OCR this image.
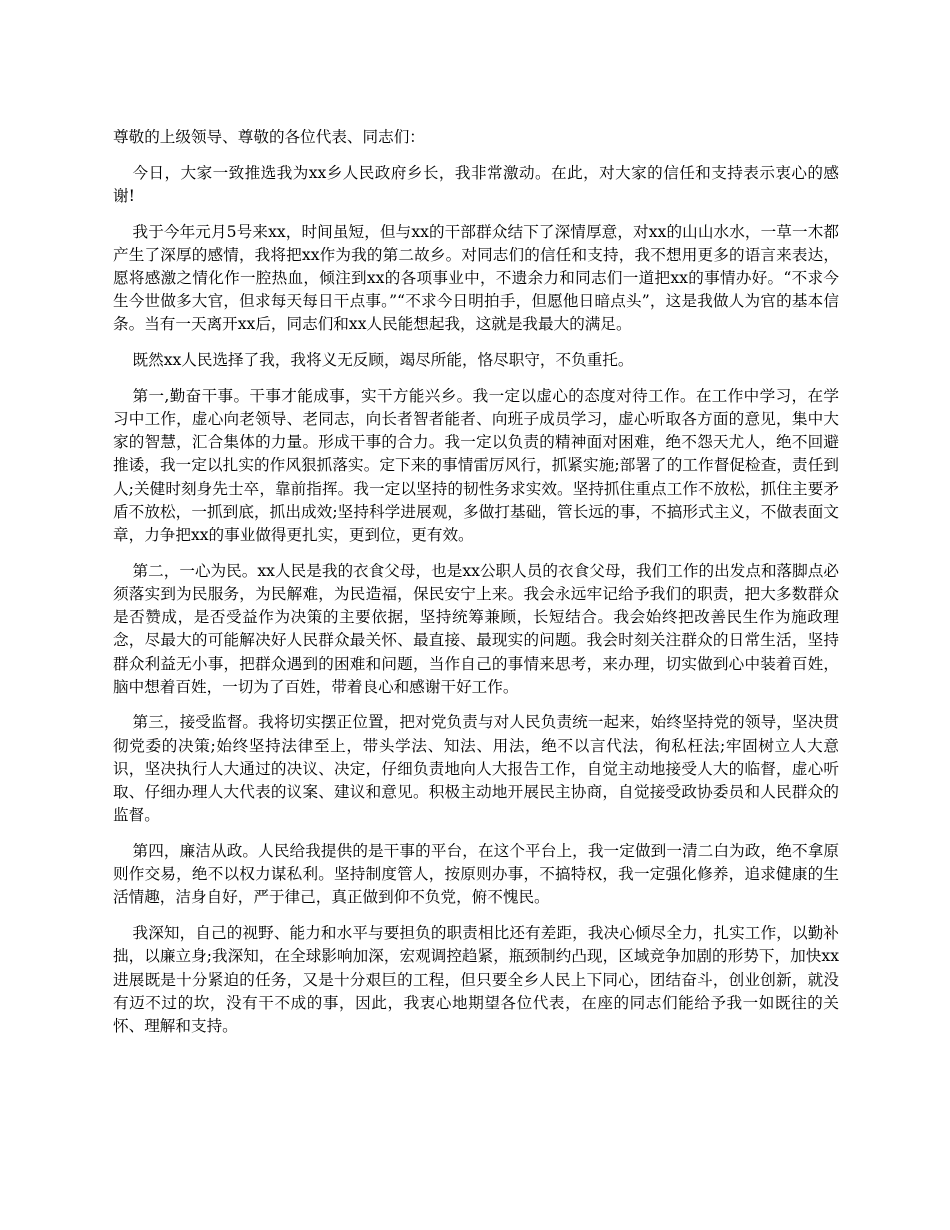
尊敬的上级领导、尊敬的各位代表、同志们：

今日，大家一致推选我为xx乡人民政府乡长，我非常激动。在此，对大家的信任和支持表示衷心的感谢!

我于今年元月5号来xx，时间虽短，但与xx的干部群众结下了深情厚意，对xx的山山水水，一草一木都产生了深厚的感情，我将把xx作为我的第二故乡。对同志们的信任和支持，我不想用更多的语言来表达，愿将感激之情化作一腔热血，倾注到xx的各项事业中，不遗余力和同志们一道把xx的事情办好。“不求今生今世做多大官，但求每天每日干点事。”“不求今日明拍手，但愿他日暗点头”，这是我做人为官的基本信条。当有一天离开xx后，同志们和xx人民能想起我，这就是我最大的满足。

既然xx人民选择了我，我将义无反顾，竭尽所能，恪尽职守，不负重托。

第一,勤奋干事。干事才能成事，实干方能兴乡。我一定以虚心的态度对待工作。在工作中学习，在学习中工作，虚心向老领导、老同志，向长者智者能者、向班子成员学习，虚心听取各方面的意见，集中大家的智慧，汇合集体的力量。形成干事的合力。我一定以负责的精神面对困难，绝不怨天尤人，绝不回避推诿，我一定以扎实的作风狠抓落实。定下来的事情雷厉风行，抓紧实施;部署了的工作督促检查，责任到人;关健时刻身先士卒，靠前指挥。我一定以坚持的韧性务求实效。坚持抓住重点工作不放松，抓住主要矛盾不放松，一抓到底，抓出成效;坚持科学进展观，多做打基础，管长远的事，不搞形式主义，不做表面文章，力争把xx的事业做得更扎实，更到位，更有效。

第二，一心为民。xx人民是我的衣食父母，也是xx公职人员的衣食父母，我们工作的出发点和落脚点必须落实到为民服务，为民解难，为民造福，保民安宁上来。我会永远牢记给予我们的职责，把大多数群众是否赞成，是否受益作为决策的主要依据，坚持统筹兼顾，长短结合。我会始终把改善民生作为施政理念，尽最大的可能解决好人民群众最关怀、最直接、最现实的问题。我会时刻关注群众的日常生活，坚持群众利益无小事，把群众遇到的困难和问题，当作自己的事情来思考，来办理，切实做到心中装着百姓，脑中想着百姓，一切为了百姓，带着良心和感谢干好工作。

第三，接受监督。我将切实摆正位置，把对党负责与对人民负责统一起来，始终坚持党的领导，坚决贯彻党委的决策;始终坚持法律至上，带头学法、知法、用法，绝不以言代法，徇私枉法;牢固树立人大意识，坚决执行人大通过的决议、决定，仔细负责地向人大报告工作，自觉主动地接受人大的临督，虚心听取、仔细办理人大代表的议案、建议和意见。积极主动地开展民主协商，自觉接受政协委员和人民群众的监督。

第四，廉洁从政。人民给我提供的是干事的平台，在这个平台上，我一定做到一清二白为政，绝不拿原则作交易，绝不以权力谋私利。坚持制度管人，按原则办事，不搞特权，我一定强化修养，追求健康的生活情趣，洁身自好，严于律己，真正做到仰不负党，俯不愧民。

我深知，自己的视野、能力和水平与要担负的职责相比还有差距，我决心倾尽全力，扎实工作，以勤补拙，以廉立身;我深知，在全球影响加深，宏观调控趋紧，瓶颈制约凸现，区域竞争加剧的形势下，加快xx进展既是十分紧迫的任务，又是十分艰巨的工程，但只要全乡人民上下同心，团结奋斗，创业创新，就没有迈不过的坎，没有干不成的事，因此，我衷心地期望各位代表，在座的同志们能给予我一如既往的关怀、理解和支持。
